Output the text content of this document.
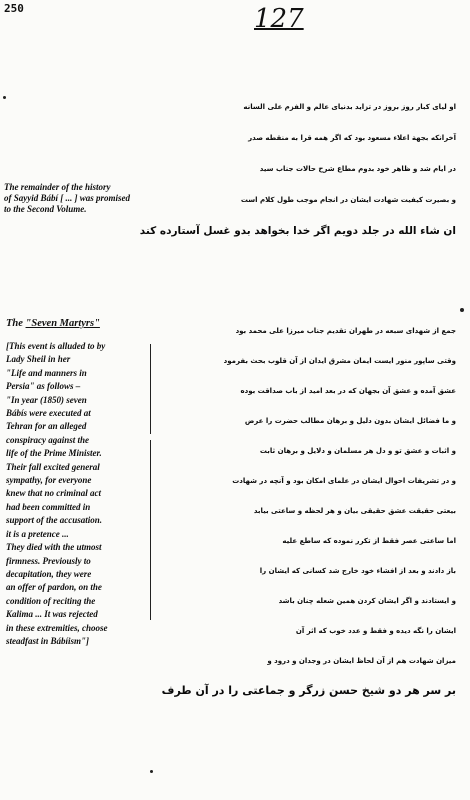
250	127
The remainder of the history
of Sayyid Bábí [ ... ] was promised
to the Second Volume.
او لیای کبار روز بروز در تزاید بدنیای عالم و الفزم علی السانه
آخرانکه بجهة اعلاء مسعود بود که اگر همه قرا به منقطه صدر
در ایام شد و ظاهر خود بدوم مطاع شرح حالات جناب سید
و بصیرت کیفیت شهادت ایشان در انجام موجب طول کلام است
ان شاء الله در جلد دویم اگر خدا بخواهد بدو غسل آستارده کند
The "Seven Martyrs"
[This event is alluded to by
Lady Sheil in her
"Life and manners in
Persia" as follows –
"In year (1850) seven
Bábís were executed at
Tehran for an alleged
conspiracy against the
life of the Prime Minister.
Their fall excited general
sympathy, for everyone
knew that no criminal act
had been committed in
support of the accusation.
it is a pretence ...
They died with the utmost
firmness. Previously to
decapitation, they were
an offer of pardon, on the
condition of reciting the
Kalima ... It was rejected
in these extremities, choose
steadfast in Bábíism"]
جمع از شهدای سبعه در طهران تقدیم جناب میرزا علی محمد بود
وقتی ساپور منور ایست ایمان مشرق ایدان از آن قلوب بحث بفرمود
عشق آمده و عشق آن بجهان که در بعد امید از باب صداقت بوده
و ما فضائل ایشان بدون دلیل و برهان مطالب حضرت را عرض
و اثبات و عشق تو و دل هر مسلمان و دلایل و برهان ثابت
و در تشریفات احوال ایشان در علمای امکان بود و آنچه در شهادت
بیعتی حقیقت عشق حقیقی بیان و هر لحظه و ساعتی بیابد
اما ساعتی عصر فقط از تکرر نموده که ساطع علیه
باز دادند و بعد از افشاء خود خارج شد کسانی که ایشان را
و ایستادند و اگر ایشان کردن همین شعله چنان باشد
ایشان را نگه دیده و فقط و عدد خوب که اثر آن
میزان شهادت هم از آن لحاظ ایشان در وجدان و درود و
بر سر هر دو شیخ حسن زرگر و جماعتی را در آن طرف
